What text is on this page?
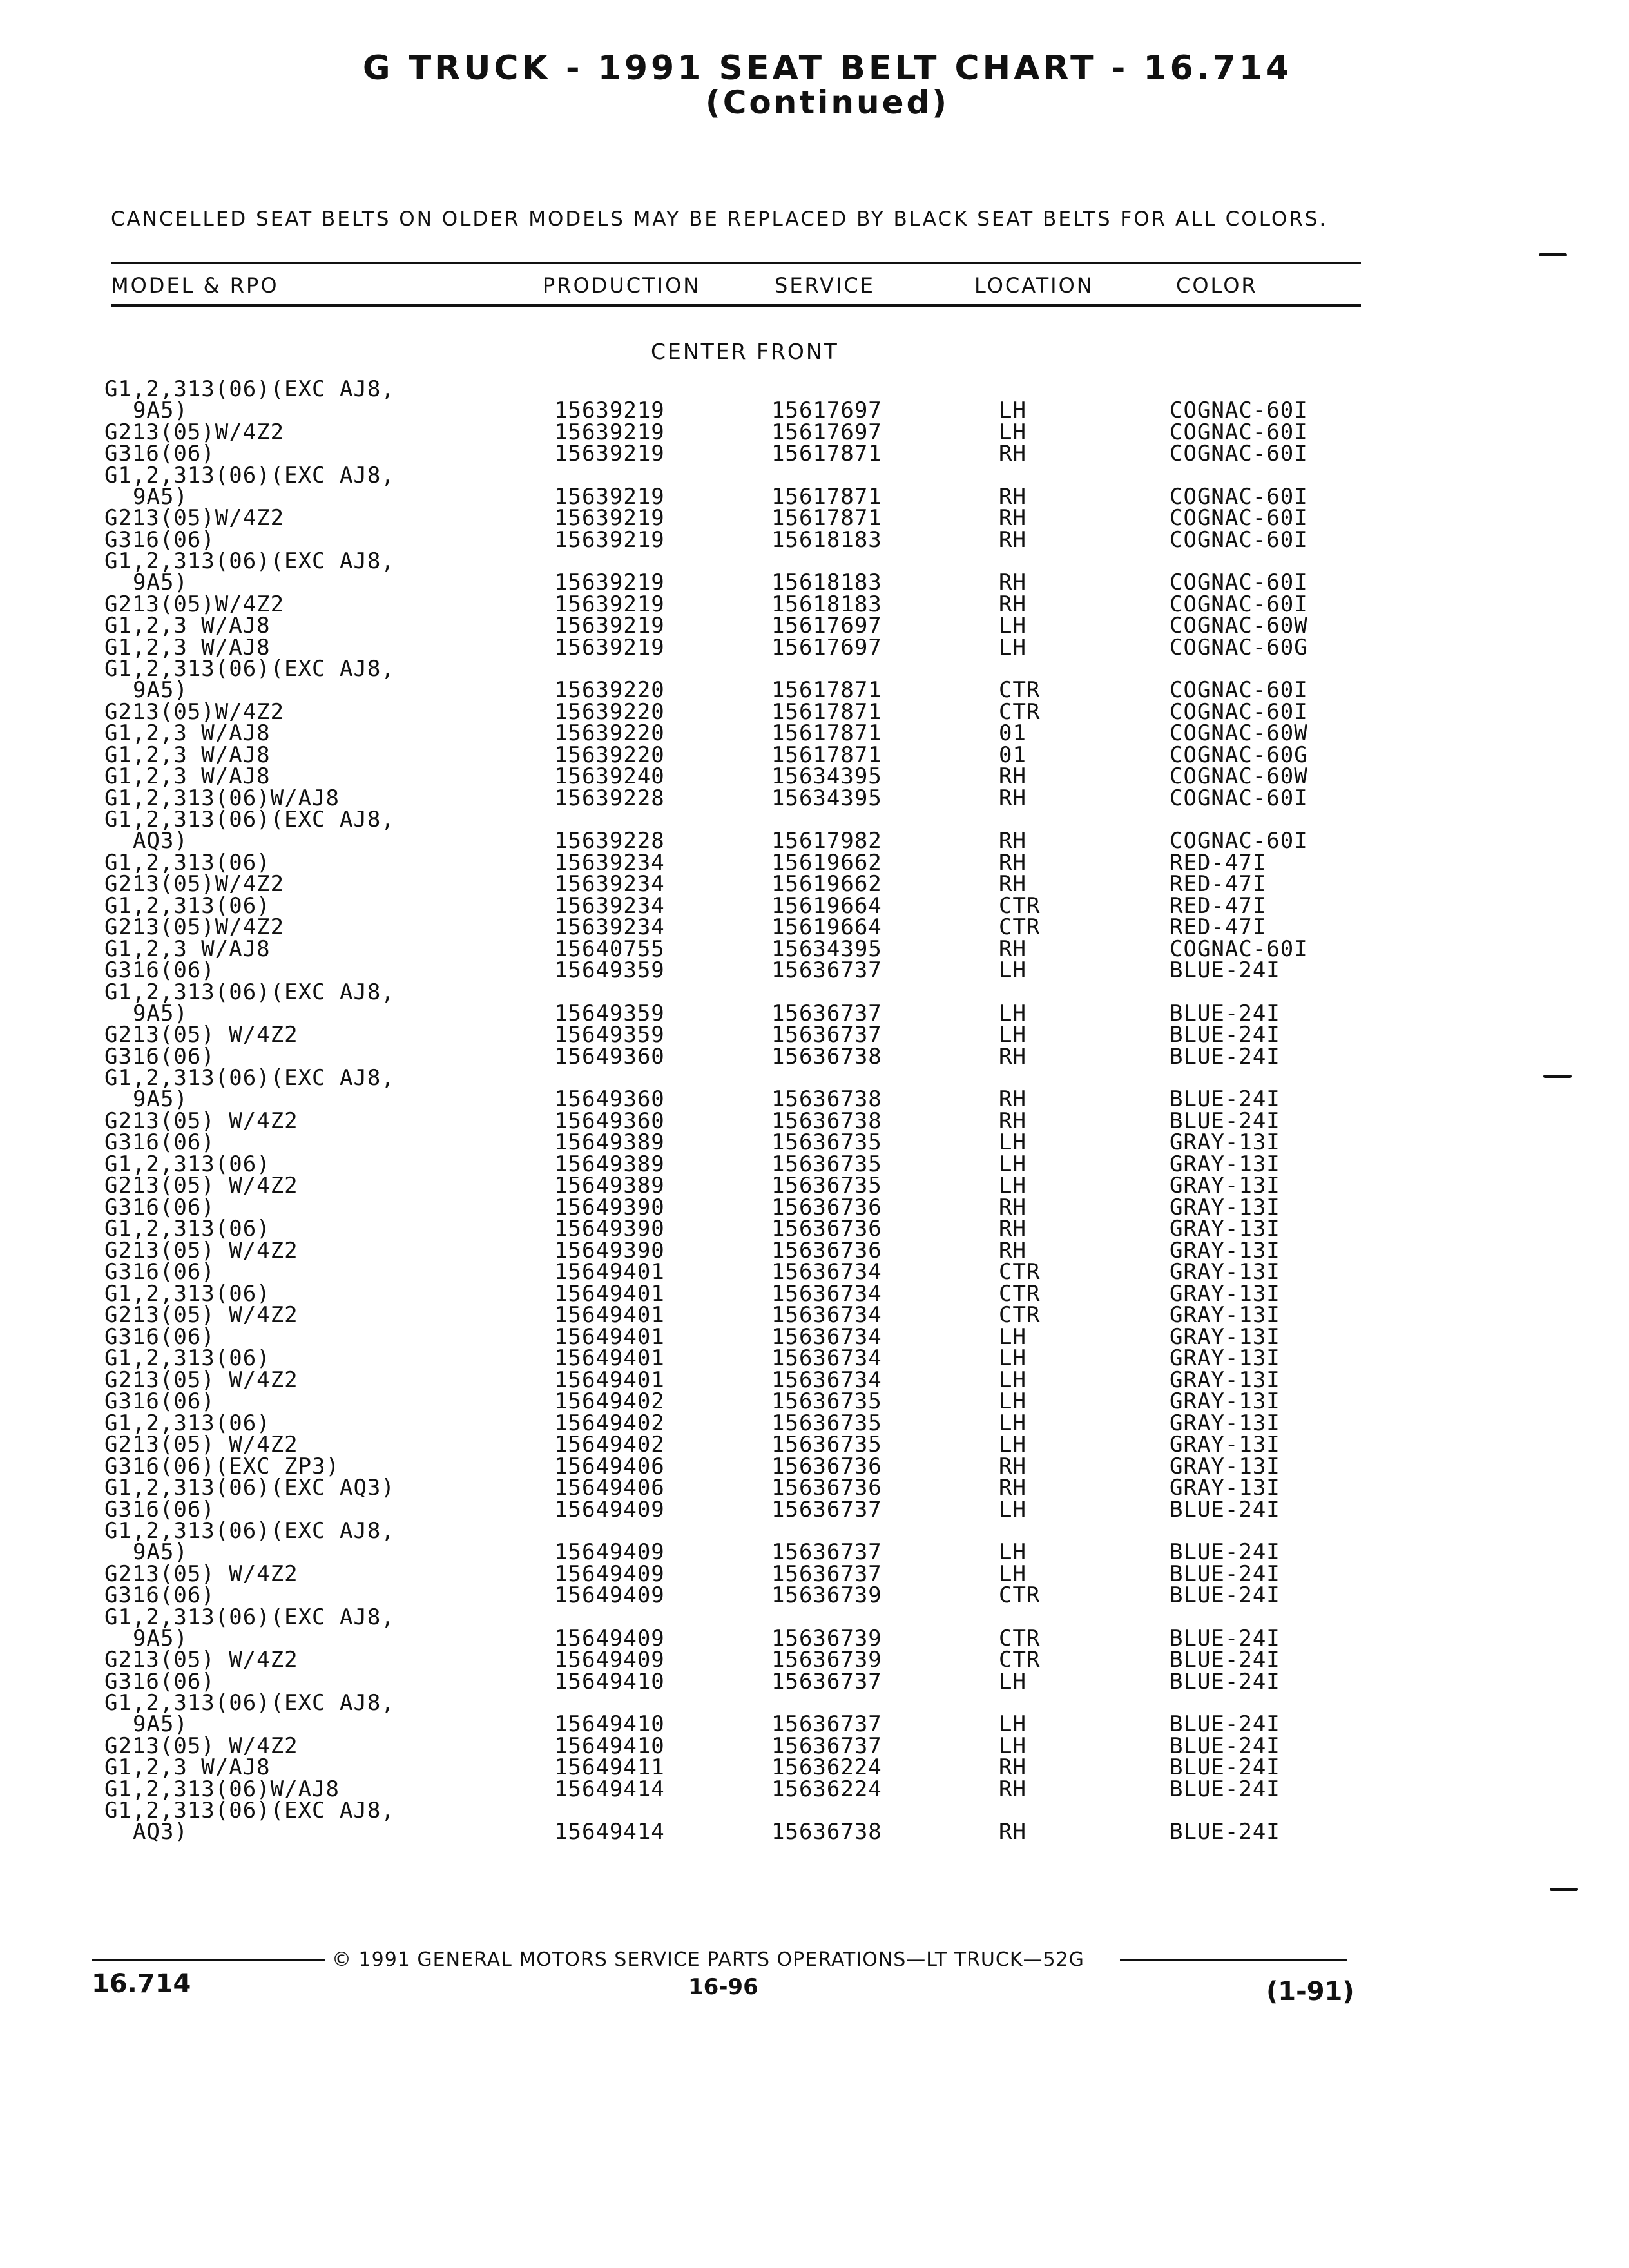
G TRUCK - 1991 SEAT BELT CHART - 16.714
(Continued)
CANCELLED SEAT BELTS ON OLDER MODELS MAY BE REPLACED BY BLACK SEAT BELTS FOR ALL COLORS.
MODEL & RPO	PRODUCTION	SERVICE	LOCATION	COLOR
CENTER FRONT
G1,2,313(06)(EXC AJ8,
9A5)	15639219	15617697	LH	COGNAC-60I
G213(05)W/4Z2	15639219	15617697	LH	COGNAC-60I
G316(06)	15639219	15617871	RH	COGNAC-60I
G1,2,313(06)(EXC AJ8,
9A5)	15639219	15617871	RH	COGNAC-60I
G213(05)W/4Z2	15639219	15617871	RH	COGNAC-60I
G316(06)	15639219	15618183	RH	COGNAC-60I
G1,2,313(06)(EXC AJ8,
9A5)	15639219	15618183	RH	COGNAC-60I
G213(05)W/4Z2	15639219	15618183	RH	COGNAC-60I
G1,2,3 W/AJ8	15639219	15617697	LH	COGNAC-60W
G1,2,3 W/AJ8	15639219	15617697	LH	COGNAC-60G
G1,2,313(06)(EXC AJ8,
9A5)	15639220	15617871	CTR	COGNAC-60I
G213(05)W/4Z2	15639220	15617871	CTR	COGNAC-60I
G1,2,3 W/AJ8	15639220	15617871	01	COGNAC-60W
G1,2,3 W/AJ8	15639220	15617871	01	COGNAC-60G
G1,2,3 W/AJ8	15639240	15634395	RH	COGNAC-60W
G1,2,313(06)W/AJ8	15639228	15634395	RH	COGNAC-60I
G1,2,313(06)(EXC AJ8,
AQ3)	15639228	15617982	RH	COGNAC-60I
G1,2,313(06)	15639234	15619662	RH	RED-47I
G213(05)W/4Z2	15639234	15619662	RH	RED-47I
G1,2,313(06)	15639234	15619664	CTR	RED-47I
G213(05)W/4Z2	15639234	15619664	CTR	RED-47I
G1,2,3 W/AJ8	15640755	15634395	RH	COGNAC-60I
G316(06)	15649359	15636737	LH	BLUE-24I
G1,2,313(06)(EXC AJ8,
9A5)	15649359	15636737	LH	BLUE-24I
G213(05) W/4Z2	15649359	15636737	LH	BLUE-24I
G316(06)	15649360	15636738	RH	BLUE-24I
G1,2,313(06)(EXC AJ8,
9A5)	15649360	15636738	RH	BLUE-24I
G213(05) W/4Z2	15649360	15636738	RH	BLUE-24I
G316(06)	15649389	15636735	LH	GRAY-13I
G1,2,313(06)	15649389	15636735	LH	GRAY-13I
G213(05) W/4Z2	15649389	15636735	LH	GRAY-13I
G316(06)	15649390	15636736	RH	GRAY-13I
G1,2,313(06)	15649390	15636736	RH	GRAY-13I
G213(05) W/4Z2	15649390	15636736	RH	GRAY-13I
G316(06)	15649401	15636734	CTR	GRAY-13I
G1,2,313(06)	15649401	15636734	CTR	GRAY-13I
G213(05) W/4Z2	15649401	15636734	CTR	GRAY-13I
G316(06)	15649401	15636734	LH	GRAY-13I
G1,2,313(06)	15649401	15636734	LH	GRAY-13I
G213(05) W/4Z2	15649401	15636734	LH	GRAY-13I
G316(06)	15649402	15636735	LH	GRAY-13I
G1,2,313(06)	15649402	15636735	LH	GRAY-13I
G213(05) W/4Z2	15649402	15636735	LH	GRAY-13I
G316(06)(EXC ZP3)	15649406	15636736	RH	GRAY-13I
G1,2,313(06)(EXC AQ3)	15649406	15636736	RH	GRAY-13I
G316(06)	15649409	15636737	LH	BLUE-24I
G1,2,313(06)(EXC AJ8,
9A5)	15649409	15636737	LH	BLUE-24I
G213(05) W/4Z2	15649409	15636737	LH	BLUE-24I
G316(06)	15649409	15636739	CTR	BLUE-24I
G1,2,313(06)(EXC AJ8,
9A5)	15649409	15636739	CTR	BLUE-24I
G213(05) W/4Z2	15649409	15636739	CTR	BLUE-24I
G316(06)	15649410	15636737	LH	BLUE-24I
G1,2,313(06)(EXC AJ8,
9A5)	15649410	15636737	LH	BLUE-24I
G213(05) W/4Z2	15649410	15636737	LH	BLUE-24I
G1,2,3 W/AJ8	15649411	15636224	RH	BLUE-24I
G1,2,313(06)W/AJ8	15649414	15636224	RH	BLUE-24I
G1,2,313(06)(EXC AJ8,
AQ3)	15649414	15636738	RH	BLUE-24I
© 1991 GENERAL MOTORS SERVICE PARTS OPERATIONS—LT TRUCK—52G
16.714	16-96	(1-91)
